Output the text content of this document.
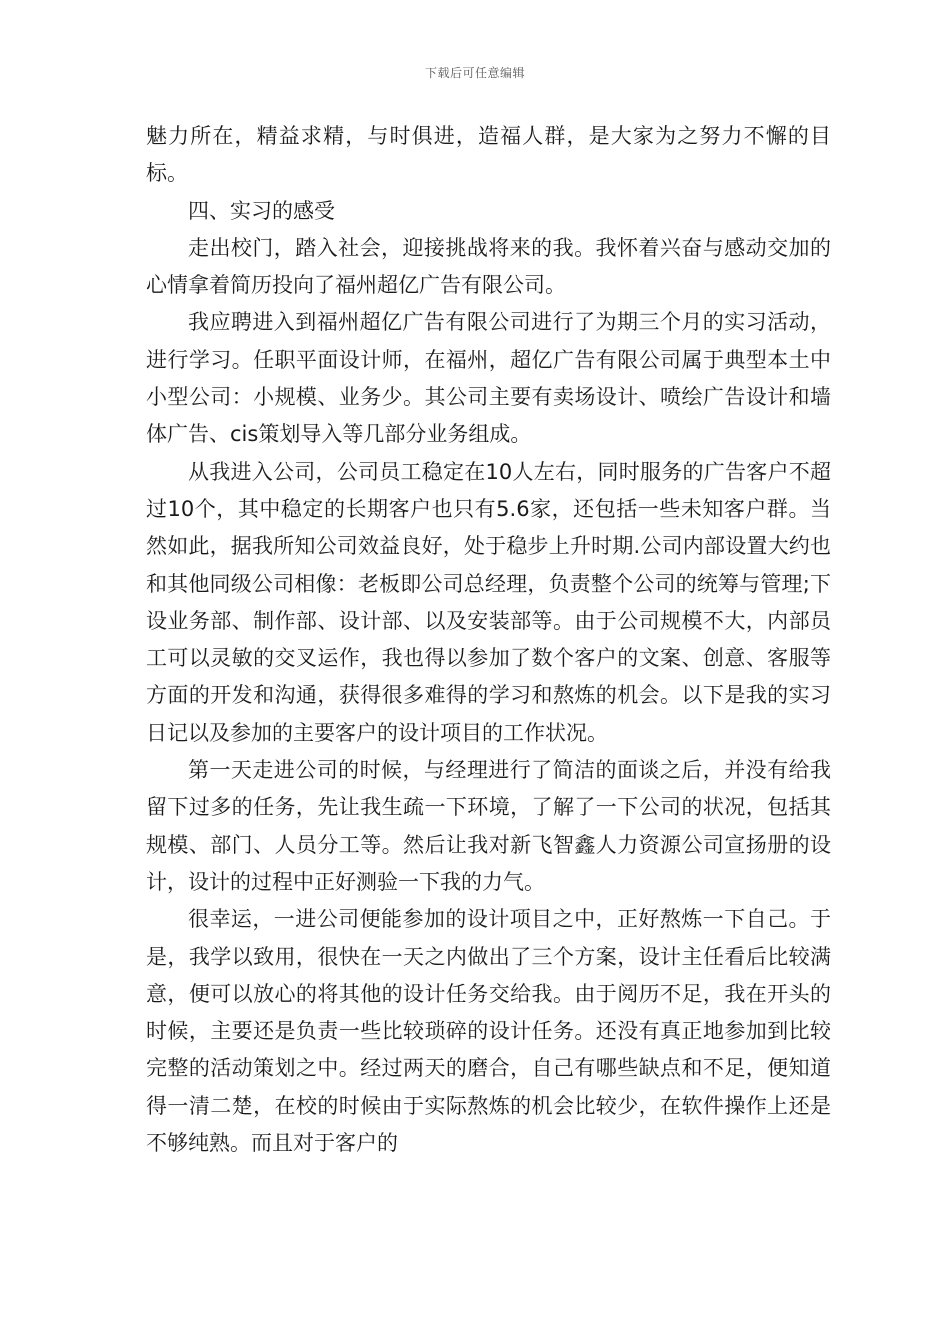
下载后可任意编辑

魅力所在，精益求精，与时俱进，造福人群，是大家为之努力不懈的目标。

四、实习的感受

走出校门，踏入社会，迎接挑战将来的我。我怀着兴奋与感动交加的心情拿着简历投向了福州超亿广告有限公司。

我应聘进入到福州超亿广告有限公司进行了为期三个月的实习活动，进行学习。任职平面设计师，在福州，超亿广告有限公司属于典型本土中小型公司：小规模、业务少。其公司主要有卖场设计、喷绘广告设计和墙体广告、cis策划导入等几部分业务组成。

从我进入公司，公司员工稳定在10人左右，同时服务的广告客户不超过10个，其中稳定的长期客户也只有5.6家，还包括一些未知客户群。当然如此，据我所知公司效益良好，处于稳步上升时期.公司内部设置大约也和其他同级公司相像：老板即公司总经理，负责整个公司的统筹与管理;下设业务部、制作部、设计部、以及安装部等。由于公司规模不大，内部员工可以灵敏的交叉运作，我也得以参加了数个客户的文案、创意、客服等方面的开发和沟通，获得很多难得的学习和熬炼的机会。以下是我的实习日记以及参加的主要客户的设计项目的工作状况。

第一天走进公司的时候，与经理进行了简洁的面谈之后，并没有给我留下过多的任务，先让我生疏一下环境，了解了一下公司的状况，包括其规模、部门、人员分工等。然后让我对新飞智鑫人力资源公司宣扬册的设计，设计的过程中正好测验一下我的力气。

很幸运，一进公司便能参加的设计项目之中，正好熬炼一下自己。于是，我学以致用，很快在一天之内做出了三个方案，设计主任看后比较满意，便可以放心的将其他的设计任务交给我。由于阅历不足，我在开头的时候，主要还是负责一些比较琐碎的设计任务。还没有真正地参加到比较完整的活动策划之中。经过两天的磨合，自己有哪些缺点和不足，便知道得一清二楚，在校的时候由于实际熬炼的机会比较少，在软件操作上还是不够纯熟。而且对于客户的
